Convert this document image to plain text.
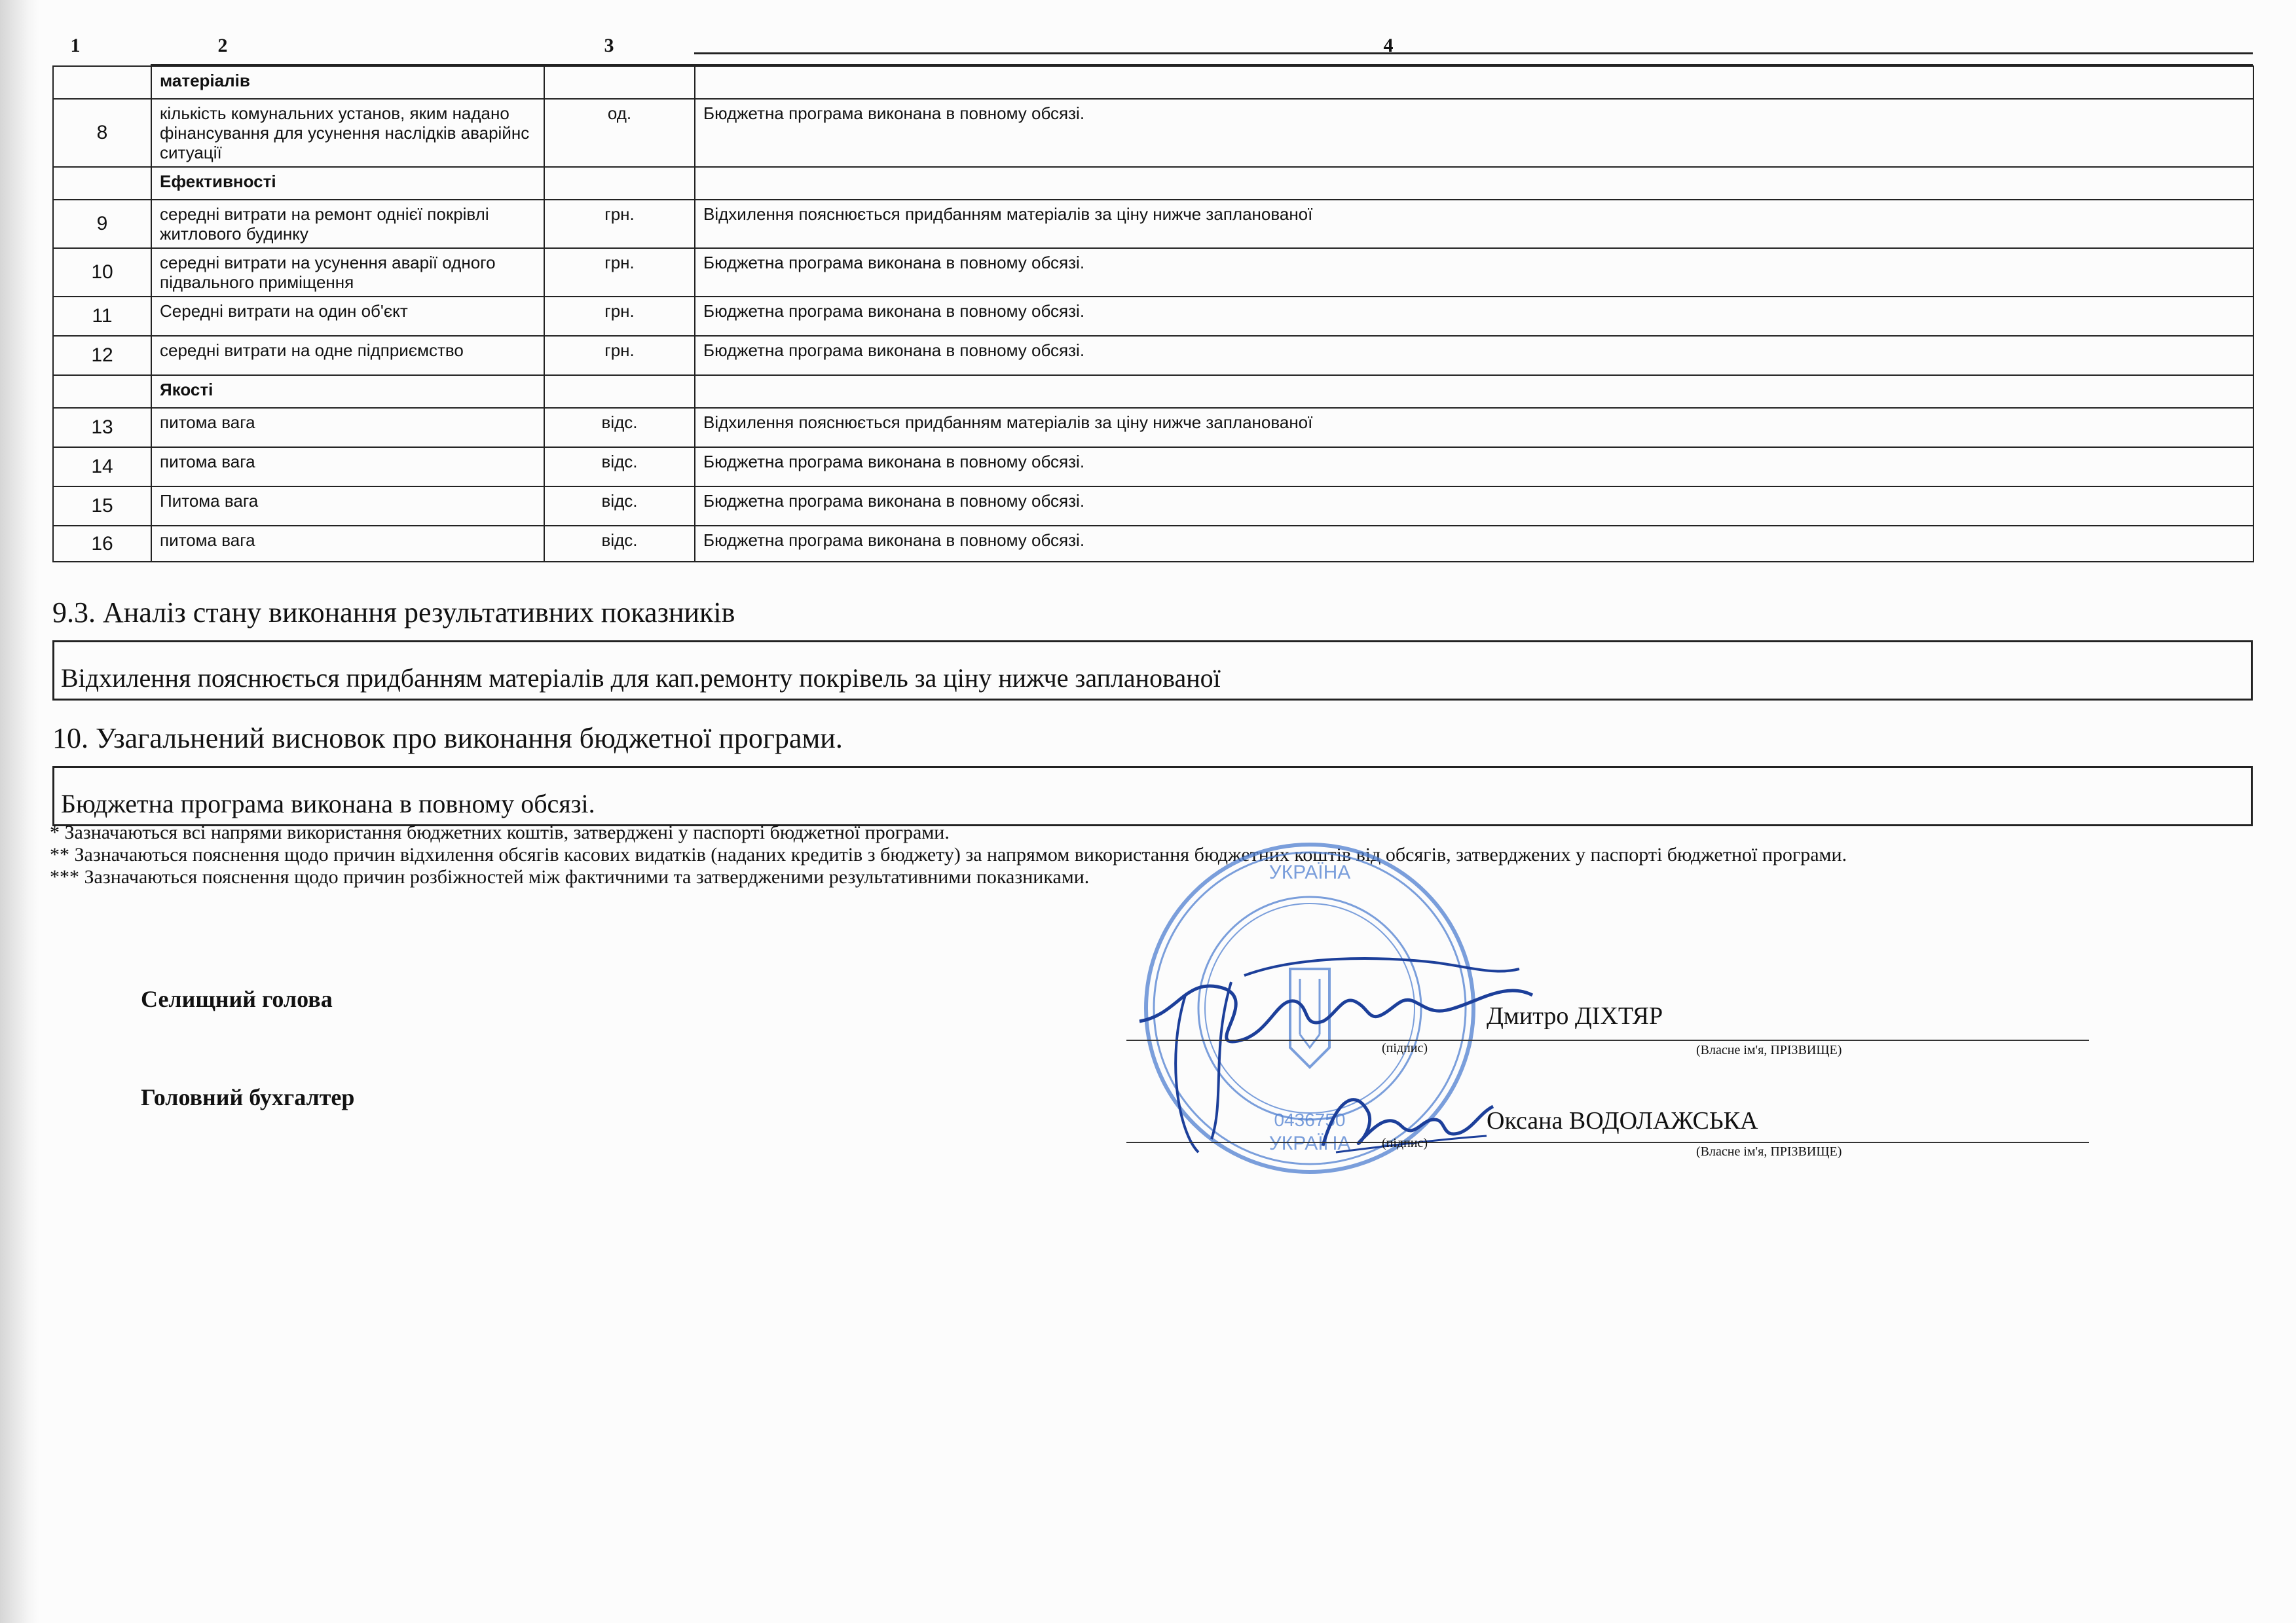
1	2	3	4
	матеріалів		
8	кількість комунальних установ, яким надано фінансування для усунення наслідків аварійнс ситуації	од.	Бюджетна програма виконана в повному обсязі.
	Ефективності		
9	середні витрати на ремонт однієї покрівлі житлового будинку	грн.	Відхилення пояснюється придбанням матеріалів за ціну нижче запланованої
10	середні витрати на усунення аварії одного підвального приміщення	грн.	Бюджетна програма виконана в повному обсязі.
11	Середні витрати на один об'єкт	грн.	Бюджетна програма виконана в повному обсязі.
12	середні витрати на одне підприємство	грн.	Бюджетна програма виконана в повному обсязі.
	Якості		
13	питома вага	відс.	Відхилення пояснюється придбанням матеріалів за ціну нижче запланованої
14	питома вага	відс.	Бюджетна програма виконана в повному обсязі.
15	Питома вага	відс.	Бюджетна програма виконана в повному обсязі.
16	питома вага	відс.	Бюджетна програма виконана в повному обсязі.
9.3. Аналіз стану виконання результативних показників
Відхилення пояснюється придбанням матеріалів для кап.ремонту покрівель за ціну нижче запланованої
10. Узагальнений висновок про виконання бюджетної програми.
Бюджетна програма виконана в повному обсязі.
* Зазначаються всі напрями використання бюджетних коштів, затверджені у паспорті бюджетної програми.
** Зазначаються пояснення щодо причин відхилення обсягів касових видатків (наданих кредитів з бюджету) за напрямом використання бюджетних коштів від обсягів, затверджених у паспорті бюджетної програми.
*** Зазначаються пояснення щодо причин розбіжностей між фактичними та затвердженими результативними показниками.	УКРАЇНА
УКРАЇНА
0436750
Селищний голова
Дмитро ДІХТЯР
(підпис)	(Власне ім'я, ПРІЗВИЩЕ)
Головний бухгалтер
Оксана ВОДОЛАЖСЬКА
(підпис)
(Власне ім'я, ПРІЗВИЩЕ)
